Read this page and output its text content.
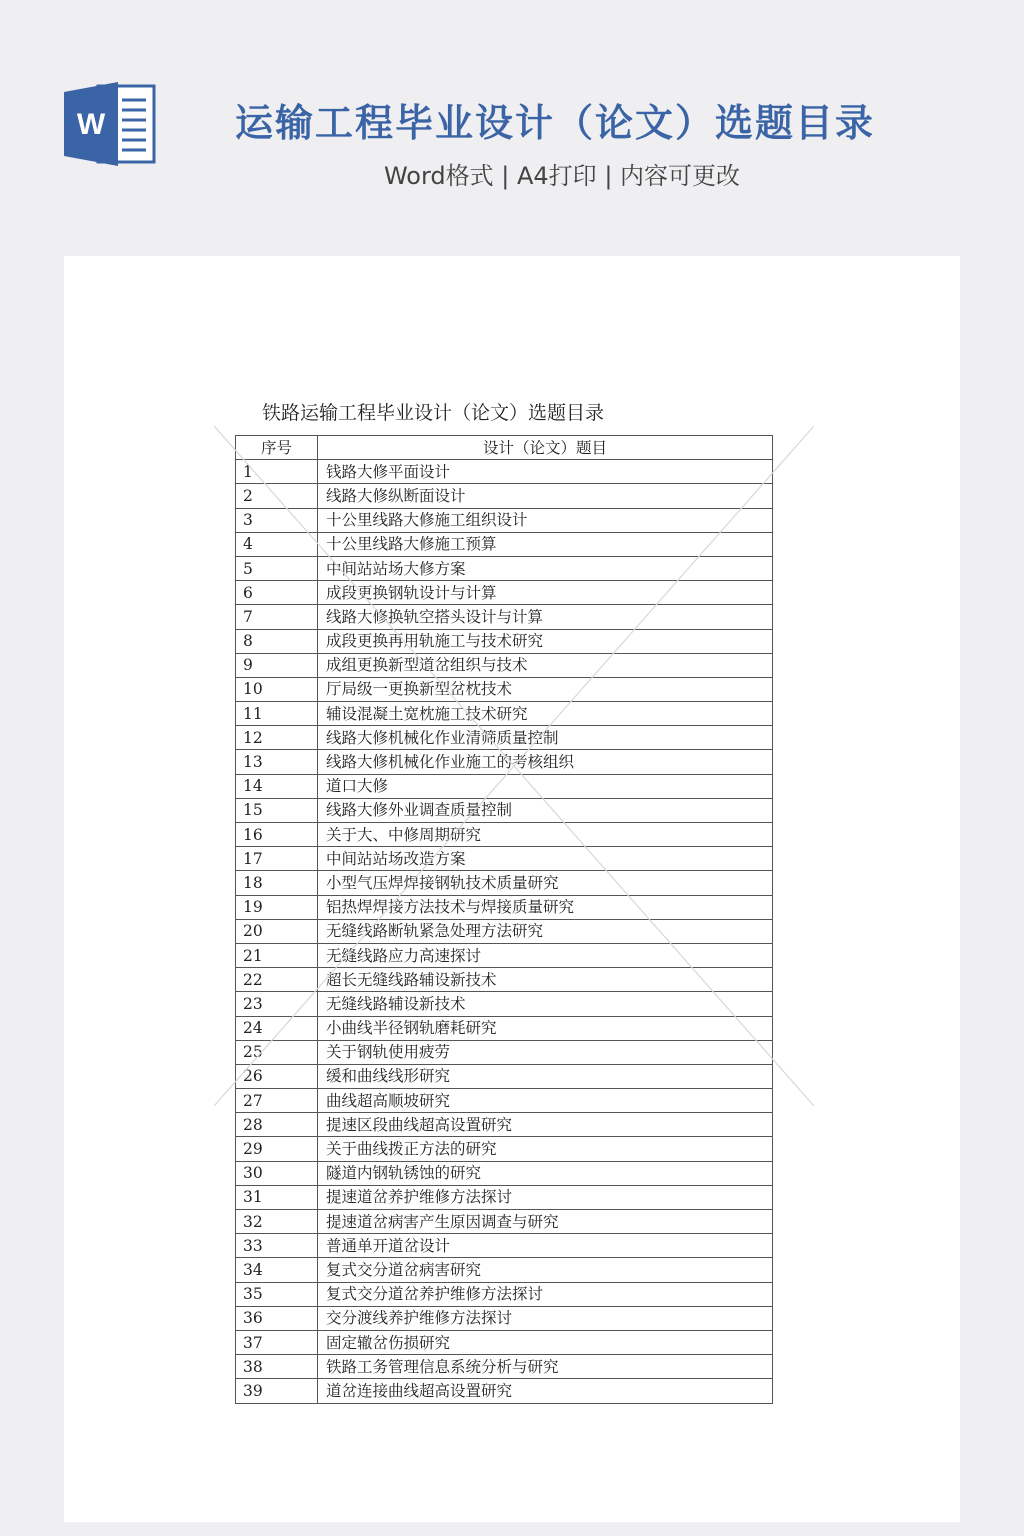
W	运输工程毕业设计（论文）选题目录
Word格式 | A4打印 | 内容可更改
铁路运输工程毕业设计（论文）选题目录
序号	设计（论文）题目
1	钱路大修平面设计
2	线路大修纵断面设计
3	十公里线路大修施工组织设计
4	十公里线路大修施工预算
5	中间站站场大修方案
6	成段更换钢轨设计与计算
7	线路大修换轨空搭头设计与计算
8	成段更换再用轨施工与技术研究
9	成组更换新型道岔组织与技术
10	厅局级一更换新型岔枕技术
11	辅设混凝土宽枕施工技术研究
12	线路大修机械化作业清筛质量控制
13	线路大修机械化作业施工的考核组织
14	道口大修
15	线路大修外业调查质量控制
16	关于大、中修周期研究
17	中间站站场改造方案
18	小型气压焊焊接钢轨技术质量研究
19	铝热焊焊接方法技术与焊接质量研究
20	无缝线路断轨紧急处理方法研究
21	无缝线路应力高速探讨
22	超长无缝线路辅设新技术
23	无缝线路辅设新技术
24	小曲线半径钢轨磨耗研究
25	关于钢轨使用疲劳
26	缓和曲线线形研究
27	曲线超高顺坡研究
28	提速区段曲线超高设置研究
29	关于曲线拨正方法的研究
30	隧道内钢轨锈蚀的研究
31	提速道岔养护维修方法探讨
32	提速道岔病害产生原因调查与研究
33	普通单开道岔设计
34	复式交分道岔病害研究
35	复式交分道岔养护维修方法探讨
36	交分渡线养护维修方法探讨
37	固定辙岔伤损研究
38	铁路工务管理信息系统分析与研究
39	道岔连接曲线超高设置研究
